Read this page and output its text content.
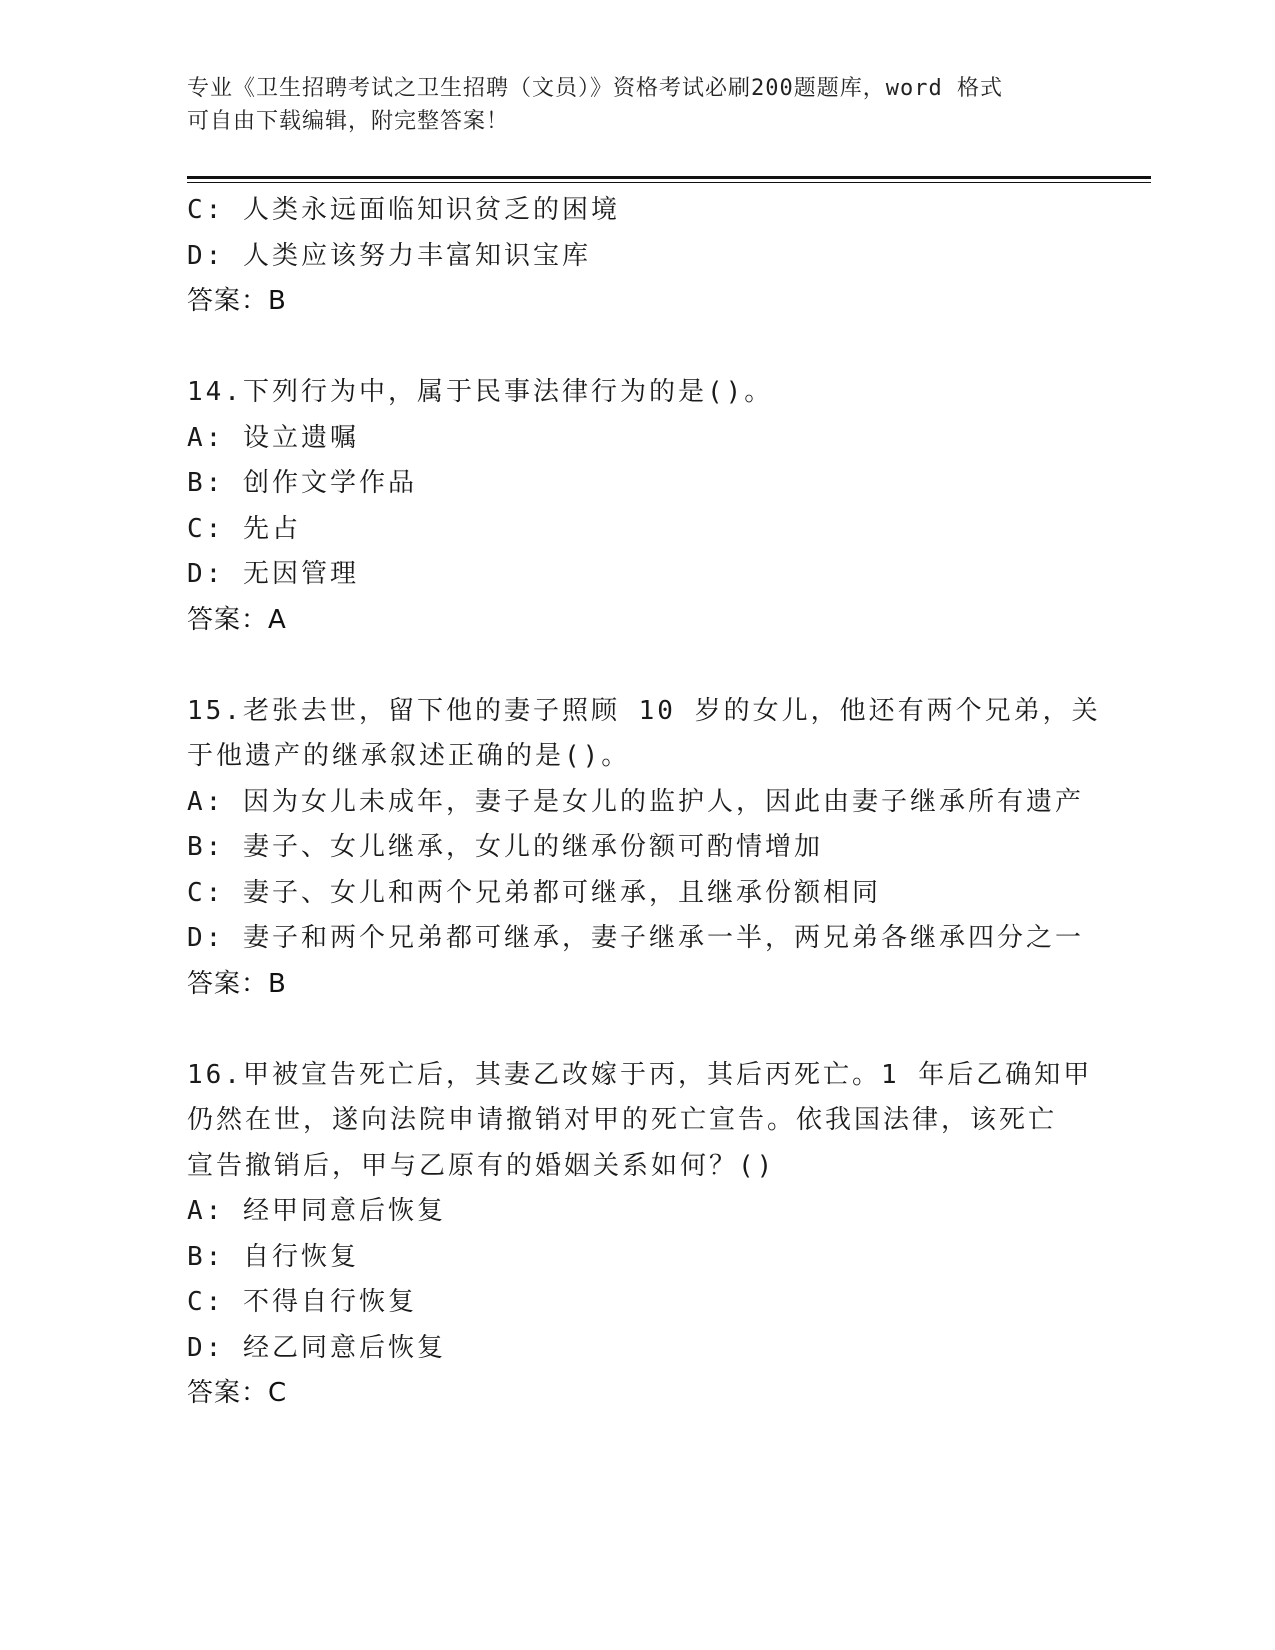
专业《卫生招聘考试之卫生招聘（文员）》资格考试必刷200题题库，word 格式
可自由下载编辑，附完整答案！
C: 人类永远面临知识贫乏的困境
D: 人类应该努力丰富知识宝库
答案：B
14.下列行为中，属于民事法律行为的是()。
A: 设立遗嘱
B: 创作文学作品
C: 先占
D: 无因管理
答案：A
15.老张去世，留下他的妻子照顾 10 岁的女儿，他还有两个兄弟，关
于他遗产的继承叙述正确的是()。
A: 因为女儿未成年，妻子是女儿的监护人，因此由妻子继承所有遗产
B: 妻子、女儿继承，女儿的继承份额可酌情增加
C: 妻子、女儿和两个兄弟都可继承，且继承份额相同
D: 妻子和两个兄弟都可继承，妻子继承一半，两兄弟各继承四分之一
答案：B
16.甲被宣告死亡后，其妻乙改嫁于丙，其后丙死亡。1 年后乙确知甲
仍然在世，遂向法院申请撤销对甲的死亡宣告。依我国法律，该死亡
宣告撤销后，甲与乙原有的婚姻关系如何？()
A: 经甲同意后恢复
B: 自行恢复
C: 不得自行恢复
D: 经乙同意后恢复
答案：C
